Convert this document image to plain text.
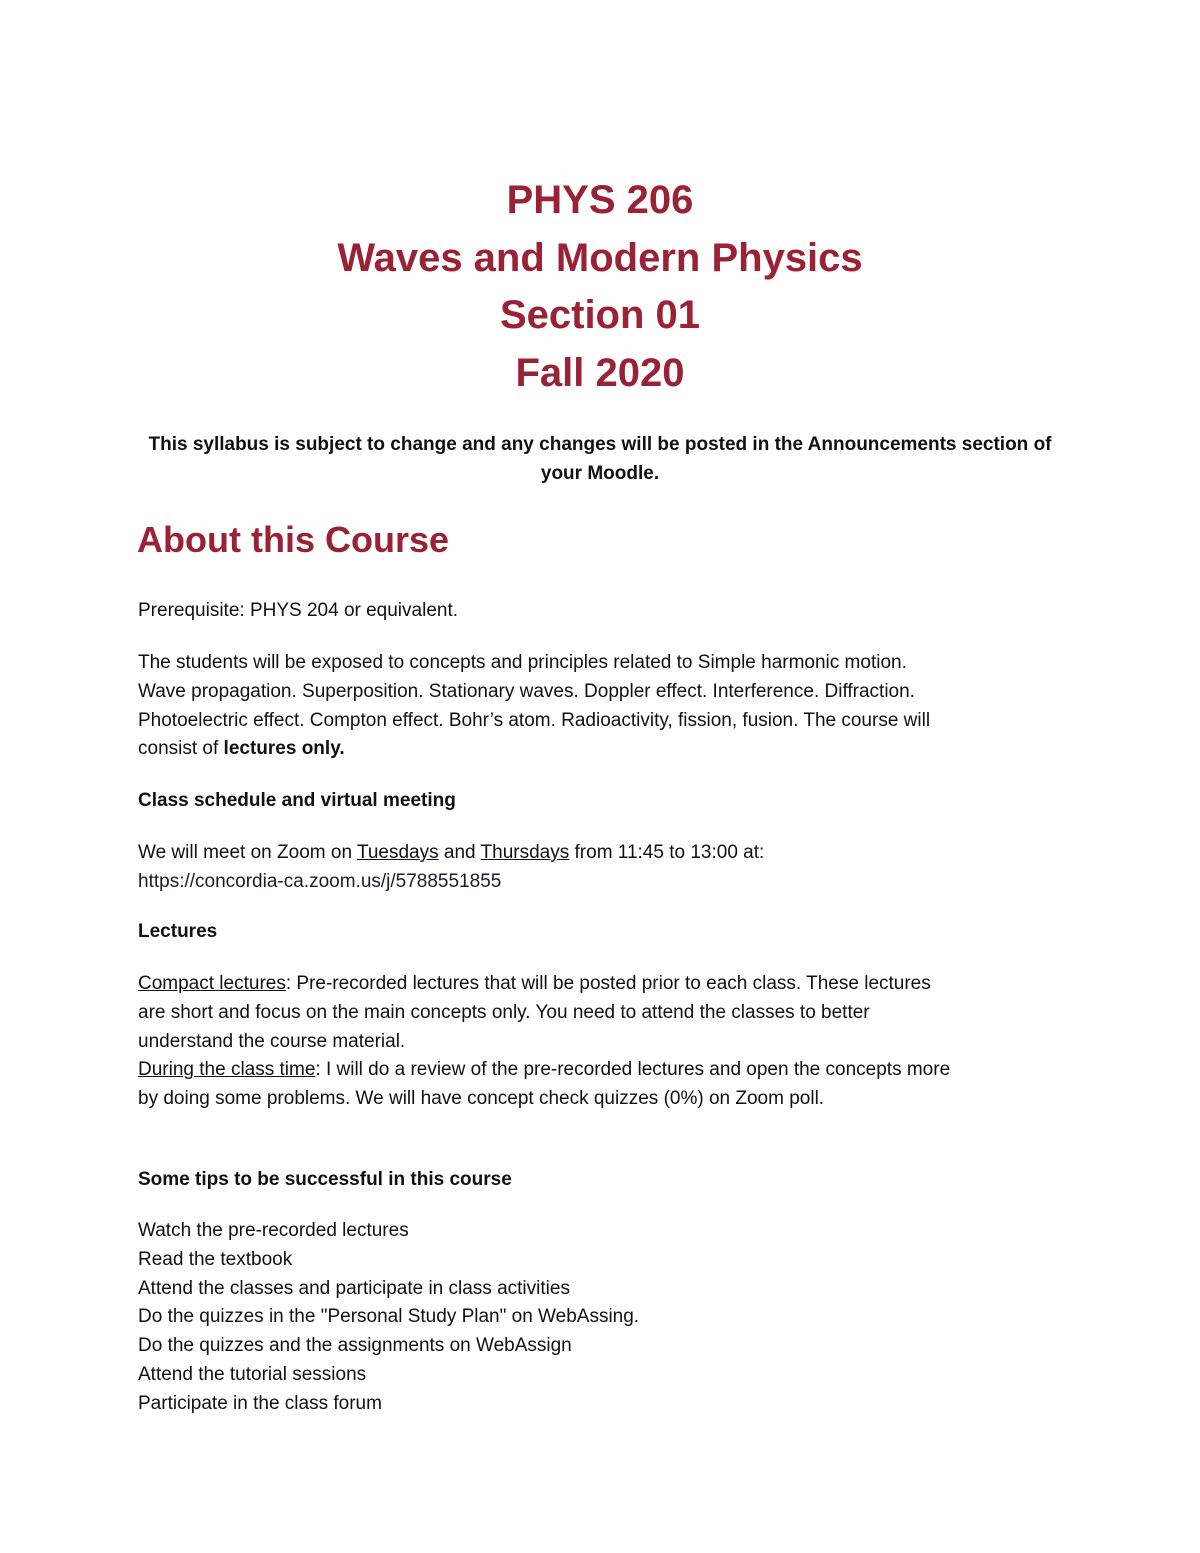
PHYS 206
Waves and Modern Physics
Section 01
Fall 2020
This syllabus is subject to change and any changes will be posted in the Announcements section of your Moodle.
About this Course
Prerequisite: PHYS 204 or equivalent.
The students will be exposed to concepts and principles related to Simple harmonic motion.
Wave propagation. Superposition. Stationary waves. Doppler effect. Interference. Diffraction.
Photoelectric effect. Compton effect. Bohr’s atom. Radioactivity, fission, fusion. The course will
consist of lectures only.
Class schedule and virtual meeting
We will meet on Zoom on Tuesdays and Thursdays from 11:45 to 13:00 at:
https://concordia-ca.zoom.us/j/5788551855
Lectures
Compact lectures: Pre-recorded lectures that will be posted prior to each class. These lectures
are short and focus on the main concepts only. You need to attend the classes to better
understand the course material.
During the class time: I will do a review of the pre-recorded lectures and open the concepts more
by doing some problems. We will have concept check quizzes (0%) on Zoom poll.
Some tips to be successful in this course
Watch the pre-recorded lectures
Read the textbook
Attend the classes and participate in class activities
Do the quizzes in the "Personal Study Plan" on WebAssing.
Do the quizzes and the assignments on WebAssign
Attend the tutorial sessions
Participate in the class forum
